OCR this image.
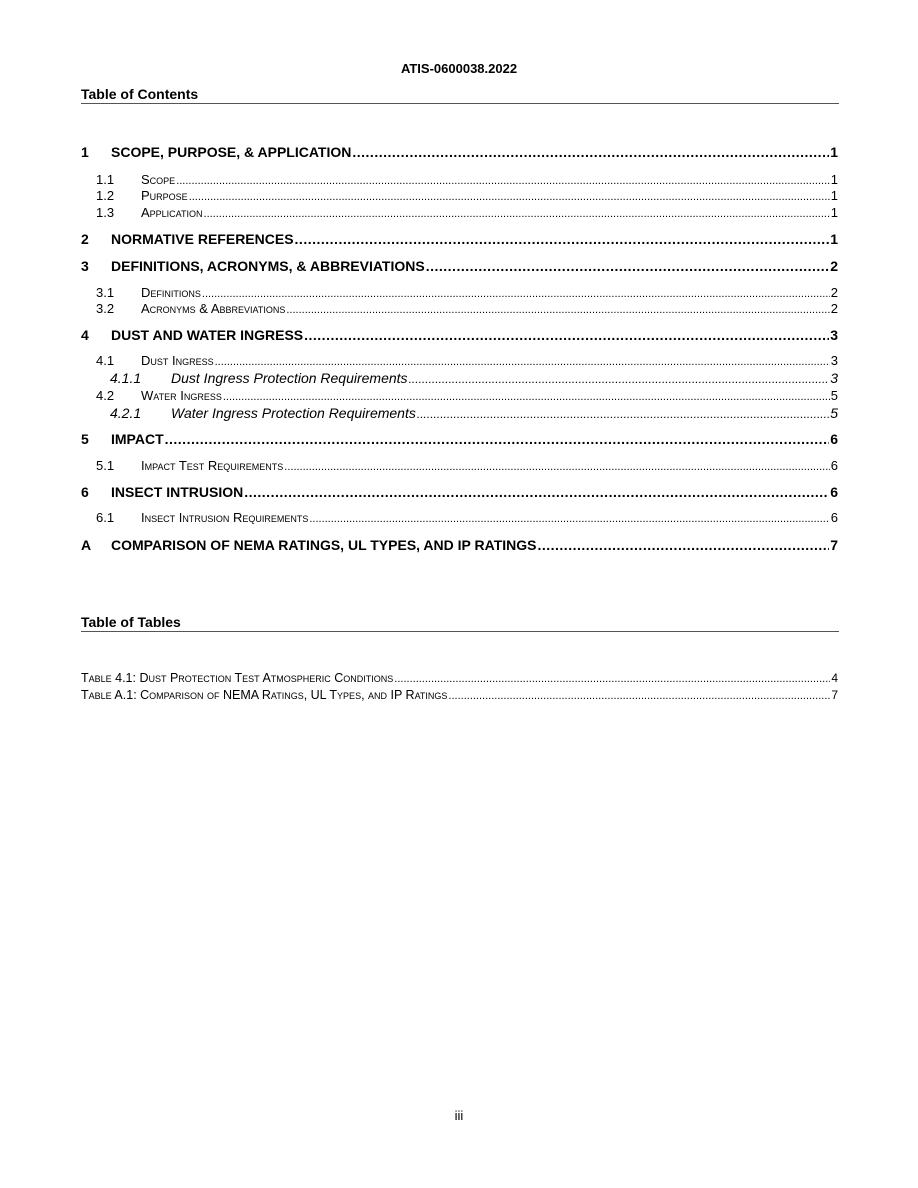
ATIS-0600038.2022
Table of Contents
1	SCOPE, PURPOSE, & APPLICATION .....	1
1.1	Scope .....	1
1.2	Purpose .....	1
1.3	Application .....	1
2	NORMATIVE REFERENCES .....	1
3	DEFINITIONS, ACRONYMS, & ABBREVIATIONS .....	2
3.1	Definitions .....	2
3.2	Acronyms & Abbreviations .....	2
4	DUST AND WATER INGRESS .....	3
4.1	Dust Ingress .....	3
4.1.1	Dust Ingress Protection Requirements .....	3
4.2	Water Ingress .....	5
4.2.1	Water Ingress Protection Requirements .....	5
5	IMPACT .....	6
5.1	Impact Test Requirements .....	6
6	INSECT INTRUSION .....	6
6.1	Insect Intrusion Requirements .....	6
A	COMPARISON OF NEMA RATINGS, UL TYPES, AND IP RATINGS .....	7
Table of Tables
Table 4.1: Dust Protection Test Atmospheric Conditions .....	4
Table A.1: Comparison of NEMA Ratings, UL Types, and IP Ratings .....	7
iii
